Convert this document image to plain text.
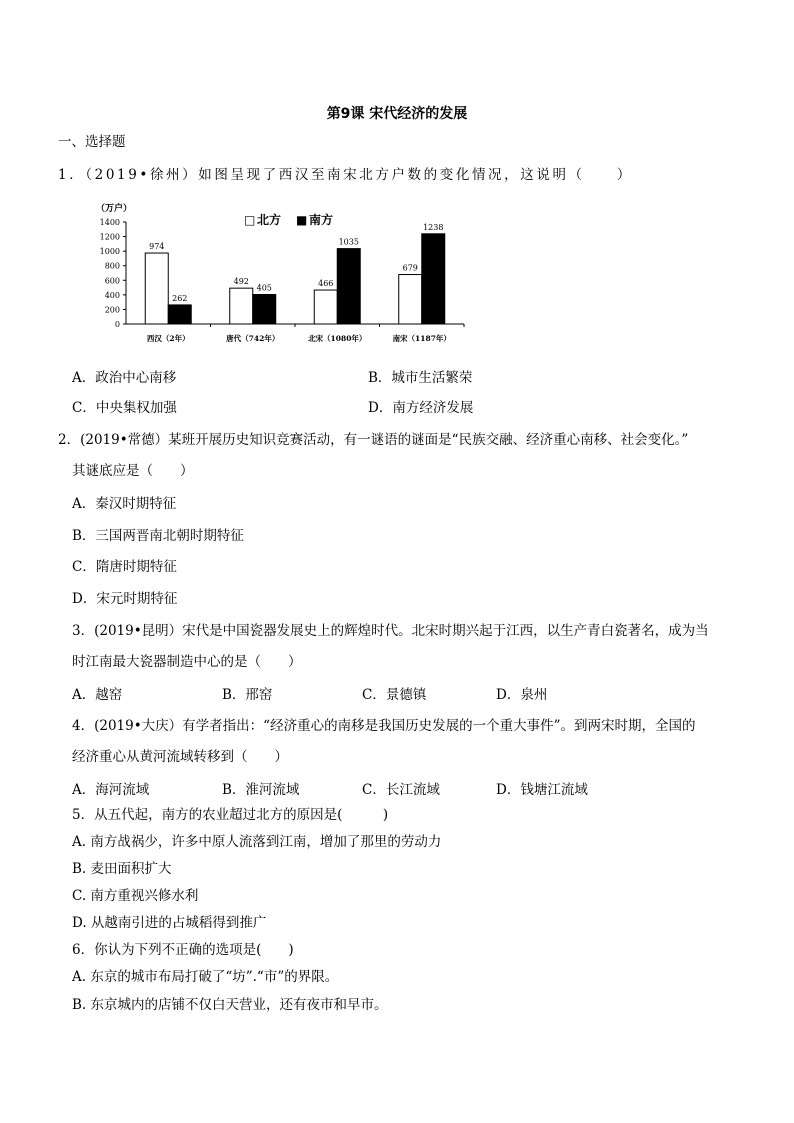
第9课 宋代经济的发展
一、选择题
1．（2019•徐州）如图呈现了西汉至南宋北方户数的变化情况，这说明（　　）
（万户）
0
200
400
600
800
1000
1200
1400
974
262
西汉（2年）
492
405
唐代（742年）
466
1035
北宋（1080年）
679
1238
南宋（1187年）
□ 北方 ■ 南方
A．政治中心南移	B．城市生活繁荣
C．中央集权加强	D．南方经济发展
2．(2019•常德）某班开展历史知识竞赛活动，有一谜语的谜面是“民族交融、经济重心南移、社会变化。”
其谜底应是（　　）
A．秦汉时期特征
B．三国两晋南北朝时期特征
C．隋唐时期特征
D．宋元时期特征
3．(2019•昆明）宋代是中国瓷器发展史上的辉煌时代。北宋时期兴起于江西，以生产青白瓷著名，成为当
时江南最大瓷器制造中心的是（　　）
A．越窑	B．邢窑	C．景德镇	D．泉州
4．(2019•大庆）有学者指出：“经济重心的南移是我国历史发展的一个重大事件”。到两宋时期，全国的
经济重心从黄河流域转移到（　　）
A．海河流域	B．淮河流域	C．长江流域	D．钱塘江流域
5．从五代起，南方的农业超过北方的原因是(　　　)
A. 南方战祸少，许多中原人流落到江南，增加了那里的劳动力
B. 麦田面积扩大
C. 南方重视兴修水利
D. 从越南引进的占城稻得到推广
6．你认为下列不正确的选项是(　　)
A. 东京的城市布局打破了“坊”.“市”的界限。
B. 东京城内的店铺不仅白天营业，还有夜市和早市。
